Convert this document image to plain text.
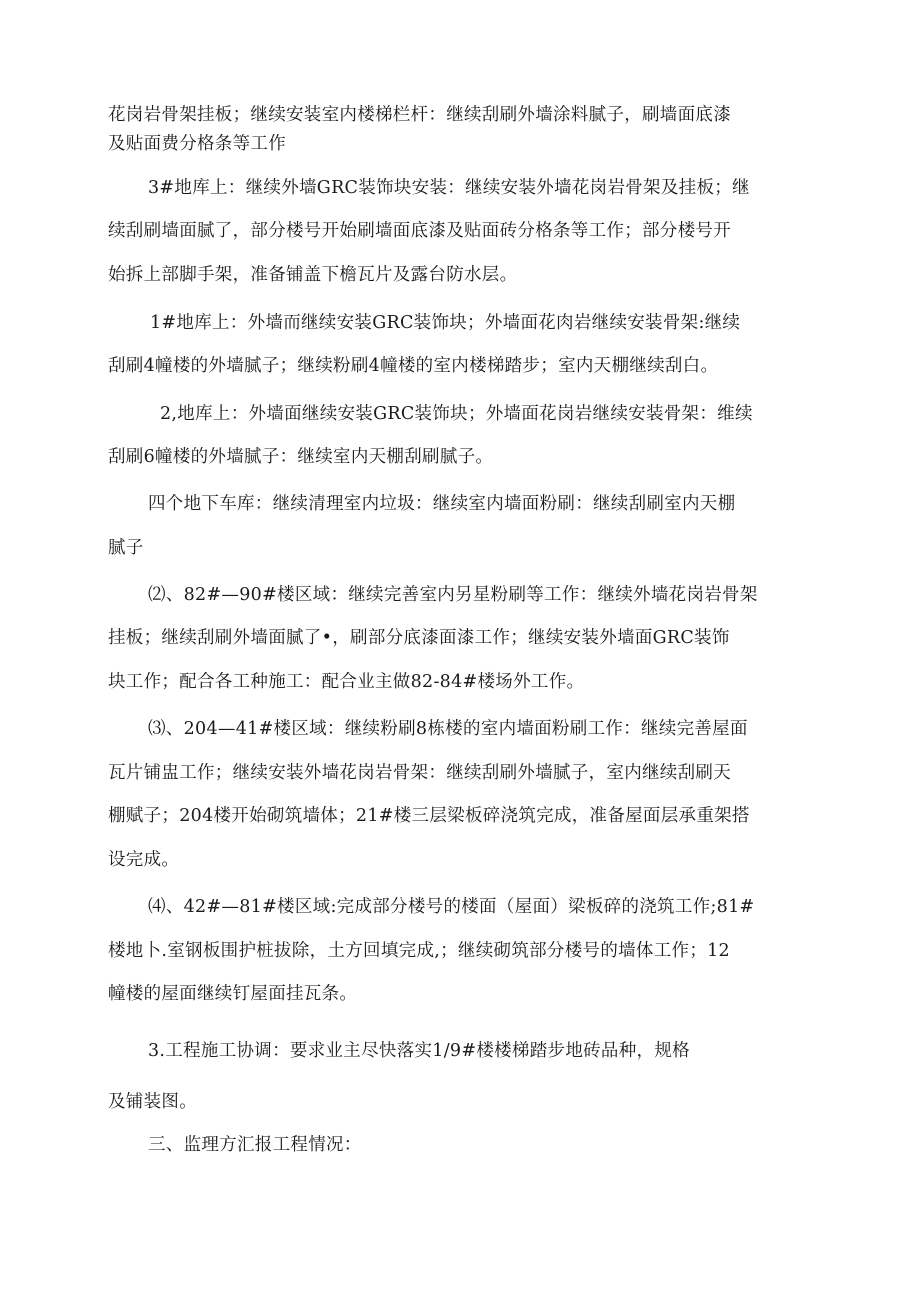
花岗岩骨架挂板；继续安装室内楼梯栏杆：继续刮刷外墙涂料腻子，刷墙面底漆
及贴面费分格条等工作
3#地库上：继续外墙GRC装饰块安装：继续安装外墙花岗岩骨架及挂板；继
续刮刷墙面腻了，部分楼号开始刷墙面底漆及贴面砖分格条等工作；部分楼号开
始拆上部脚手架，准备铺盖下檐瓦片及露台防水层。
1#地库上：外墙而继续安装GRC装饰块；外墙面花肉岩继续安装骨架:继续
刮刷4幢楼的外墙腻子；继续粉刷4幢楼的室内楼梯踏步；室内天棚继续刮白。
2,地库上：外墙面继续安装GRC装饰块；外墙面花岗岩继续安装骨架：维续
刮刷6幢楼的外墙腻子：继续室内天棚刮刷腻子。
四个地下车库：继续清理室内垃圾：继续室内墙面粉刷：继续刮刷室内天棚
腻子
⑵、82#—90#楼区域：继续完善室内另星粉刷等工作：继续外墙花岗岩骨架
挂板；继续刮刷外墙面腻了•，刷部分底漆面漆工作；继续安装外墙面GRC装饰
块工作；配合各工种施工：配合业主做82-84#楼场外工作。
⑶、204—41#楼区域：继续粉刷8栋楼的室内墙面粉刷工作：继续完善屋面
瓦片铺盅工作；继续安装外墙花岗岩骨架：继续刮刷外墙腻子，室内继续刮刷天
棚赋子；204楼开始砌筑墙体；21#楼三层梁板碎浇筑完成，准备屋面层承重架搭
设完成。
⑷、42#—81#楼区域:完成部分楼号的楼面（屋面）梁板碎的浇筑工作;81#
楼地卜.室钢板围护桩拔除，土方回填完成,；继续砌筑部分楼号的墙体工作；12
幢楼的屋面继续钉屋面挂瓦条。
3.工程施工协调：要求业主尽快落实1/9#楼楼梯踏步地砖品种，规格
及铺装图。
三、监理方汇报工程情况：
